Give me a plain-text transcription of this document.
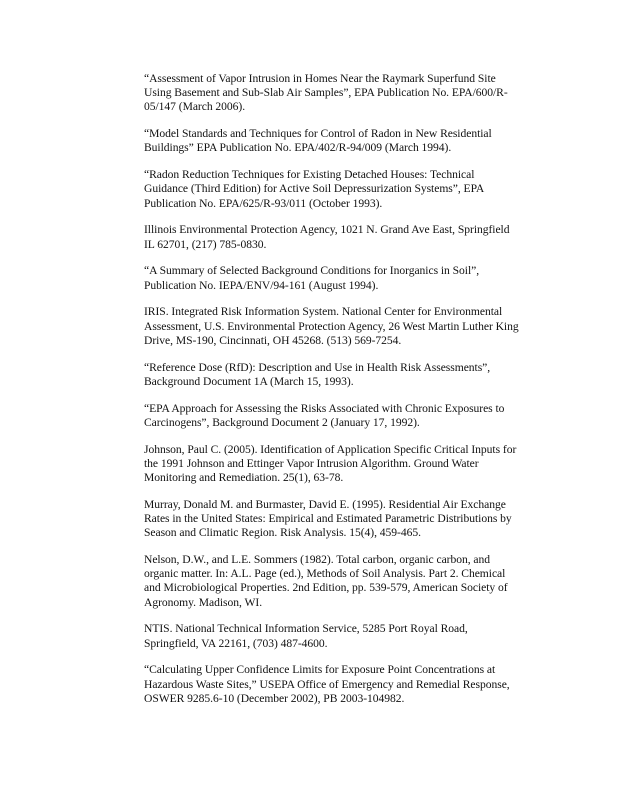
“Assessment of Vapor Intrusion in Homes Near the Raymark Superfund Site
Using Basement and Sub-Slab Air Samples”, EPA Publication No. EPA/600/R-
05/147 (March 2006).
“Model Standards and Techniques for Control of Radon in New Residential
Buildings” EPA Publication No. EPA/402/R-94/009 (March 1994).
“Radon Reduction Techniques for Existing Detached Houses: Technical
Guidance (Third Edition) for Active Soil Depressurization Systems”, EPA
Publication No. EPA/625/R-93/011 (October 1993).
Illinois Environmental Protection Agency, 1021 N. Grand Ave East, Springfield
IL 62701, (217) 785-0830.
“A Summary of Selected Background Conditions for Inorganics in Soil”,
Publication No. IEPA/ENV/94-161 (August 1994).
IRIS. Integrated Risk Information System. National Center for Environmental
Assessment, U.S. Environmental Protection Agency, 26 West Martin Luther King
Drive, MS-190, Cincinnati, OH 45268. (513) 569-7254.
“Reference Dose (RfD): Description and Use in Health Risk Assessments”,
Background Document 1A (March 15, 1993).
“EPA Approach for Assessing the Risks Associated with Chronic Exposures to
Carcinogens”, Background Document 2 (January 17, 1992).
Johnson, Paul C. (2005). Identification of Application Specific Critical Inputs for
the 1991 Johnson and Ettinger Vapor Intrusion Algorithm. Ground Water
Monitoring and Remediation. 25(1), 63-78.
Murray, Donald M. and Burmaster, David E. (1995). Residential Air Exchange
Rates in the United States: Empirical and Estimated Parametric Distributions by
Season and Climatic Region. Risk Analysis. 15(4), 459-465.
Nelson, D.W., and L.E. Sommers (1982). Total carbon, organic carbon, and
organic matter. In: A.L. Page (ed.), Methods of Soil Analysis. Part 2. Chemical
and Microbiological Properties. 2nd Edition, pp. 539-579, American Society of
Agronomy. Madison, WI.
NTIS. National Technical Information Service, 5285 Port Royal Road,
Springfield, VA 22161, (703) 487-4600.
“Calculating Upper Confidence Limits for Exposure Point Concentrations at
Hazardous Waste Sites,” USEPA Office of Emergency and Remedial Response,
OSWER 9285.6-10 (December 2002), PB 2003-104982.
